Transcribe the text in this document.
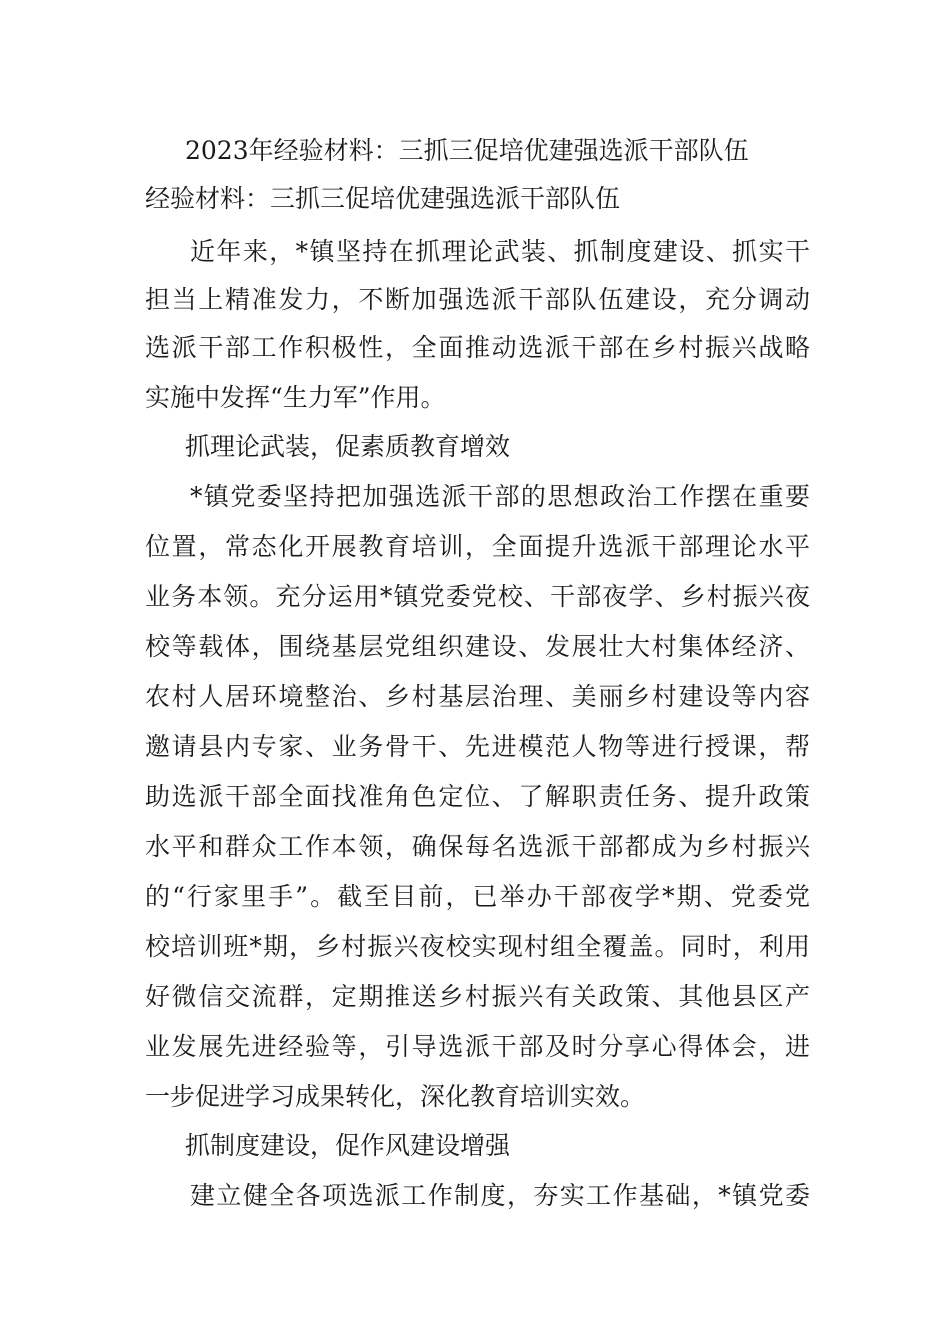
2023年经验材料：三抓三促培优建强选派干部队伍
经验材料：三抓三促培优建强选派干部队伍
近年来，*镇坚持在抓理论武装、抓制度建设、抓实干
担当上精准发力，不断加强选派干部队伍建设，充分调动
选派干部工作积极性，全面推动选派干部在乡村振兴战略
实施中发挥“生力军”作用。
抓理论武装，促素质教育增效
*镇党委坚持把加强选派干部的思想政治工作摆在重要
位置，常态化开展教育培训，全面提升选派干部理论水平
业务本领。充分运用*镇党委党校、干部夜学、乡村振兴夜
校等载体，围绕基层党组织建设、发展壮大村集体经济、
农村人居环境整治、乡村基层治理、美丽乡村建设等内容
邀请县内专家、业务骨干、先进模范人物等进行授课，帮
助选派干部全面找准角色定位、了解职责任务、提升政策
水平和群众工作本领，确保每名选派干部都成为乡村振兴
的“行家里手”。截至目前，已举办干部夜学*期、党委党
校培训班*期，乡村振兴夜校实现村组全覆盖。同时，利用
好微信交流群，定期推送乡村振兴有关政策、其他县区产
业发展先进经验等，引导选派干部及时分享心得体会，进
一步促进学习成果转化，深化教育培训实效。
抓制度建设，促作风建设增强
建立健全各项选派工作制度，夯实工作基础，*镇党委
